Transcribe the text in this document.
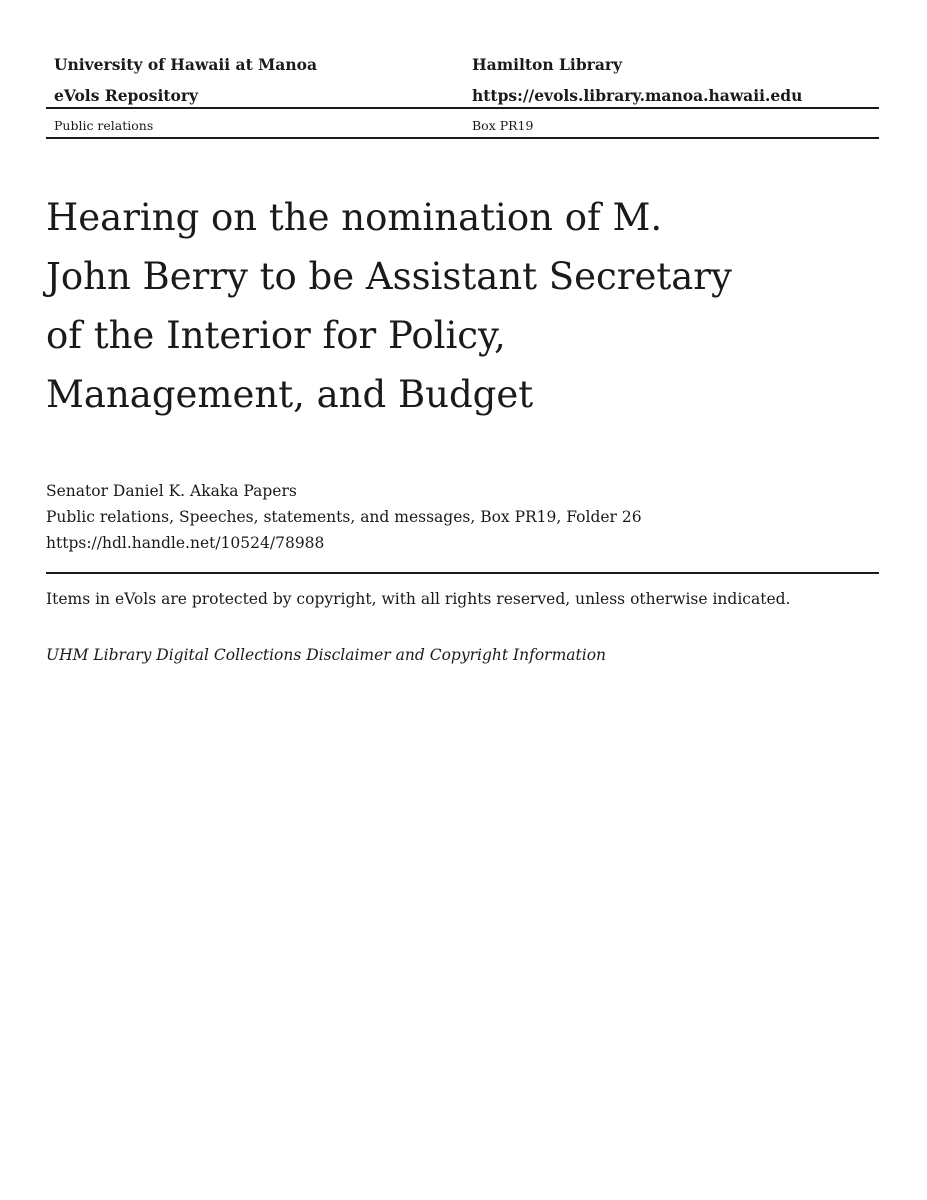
University of Hawaii at Manoa	Hamilton Library
eVols Repository	https://evols.library.manoa.hawaii.edu
Public relations	Box PR19
Hearing on the nomination of M.
John Berry to be Assistant Secretary
of the Interior for Policy,
Management, and Budget
Senator Daniel K. Akaka Papers
Public relations, Speeches, statements, and messages, Box PR19, Folder 26
https://hdl.handle.net/10524/78988
Items in eVols are protected by copyright, with all rights reserved, unless otherwise indicated.
UHM Library Digital Collections Disclaimer and Copyright Information
